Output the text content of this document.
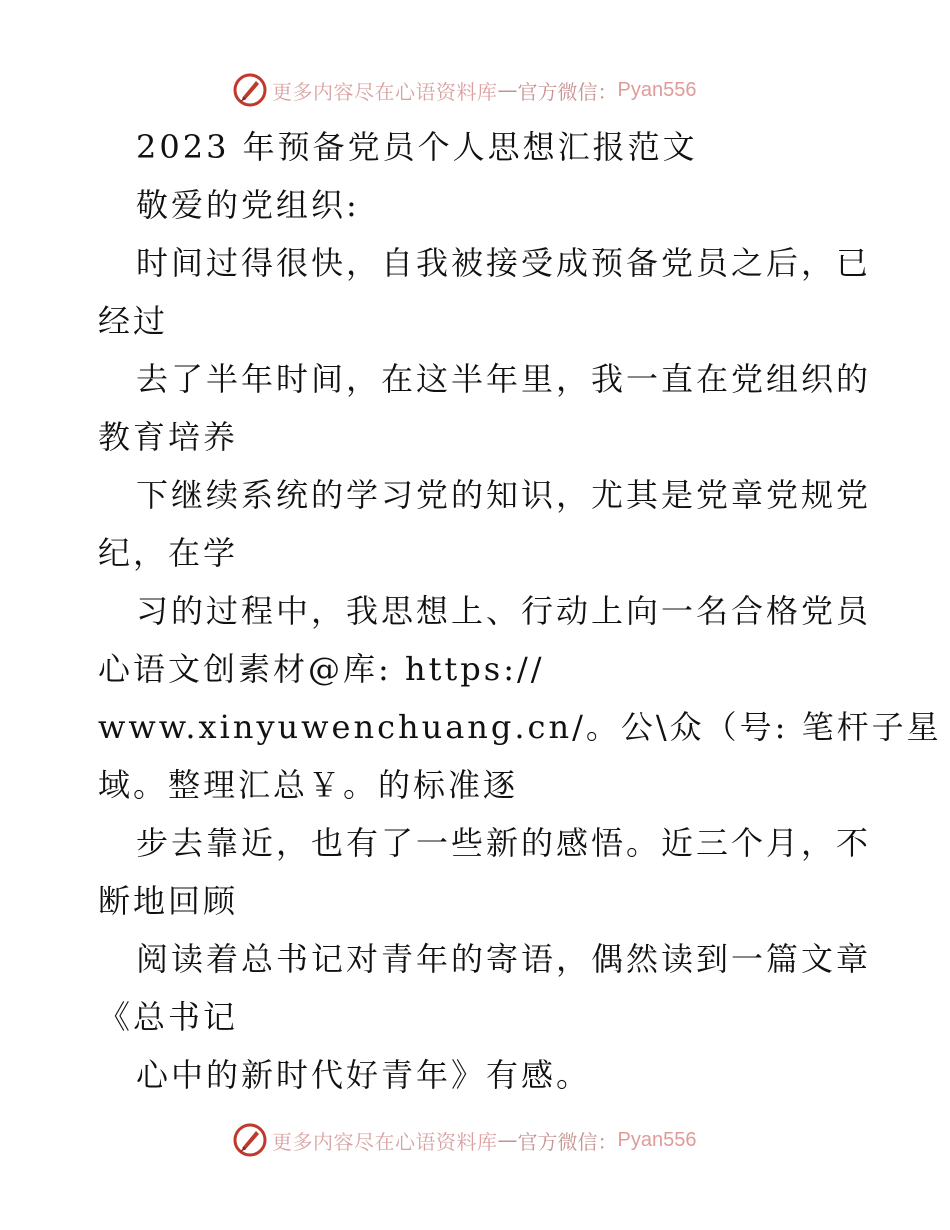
更多内容尽在心语资料库 — 官方微信： Pyan556
2023 年预备党员个人思想汇报范文
敬爱的党组织:
时间过得很快，自我被接受成预备党员之后，已
经过
去了半年时间，在这半年里，我一直在党组织的
教育培养
下继续系统的学习党的知识，尤其是党章党规党
纪，在学
习的过程中，我思想上、行动上向一名合格党员
心语文创素材@库: https://
www.xinyuwenchuang.cn/。公\众（号: 笔杆子星
域。整理汇总￥。的标准逐
步去靠近，也有了一些新的感悟。近三个月，不
断地回顾
阅读着总书记对青年的寄语，偶然读到一篇文章
《总书记
心中的新时代好青年》有感。
更多内容尽在心语资料库 — 官方微信： Pyan556
